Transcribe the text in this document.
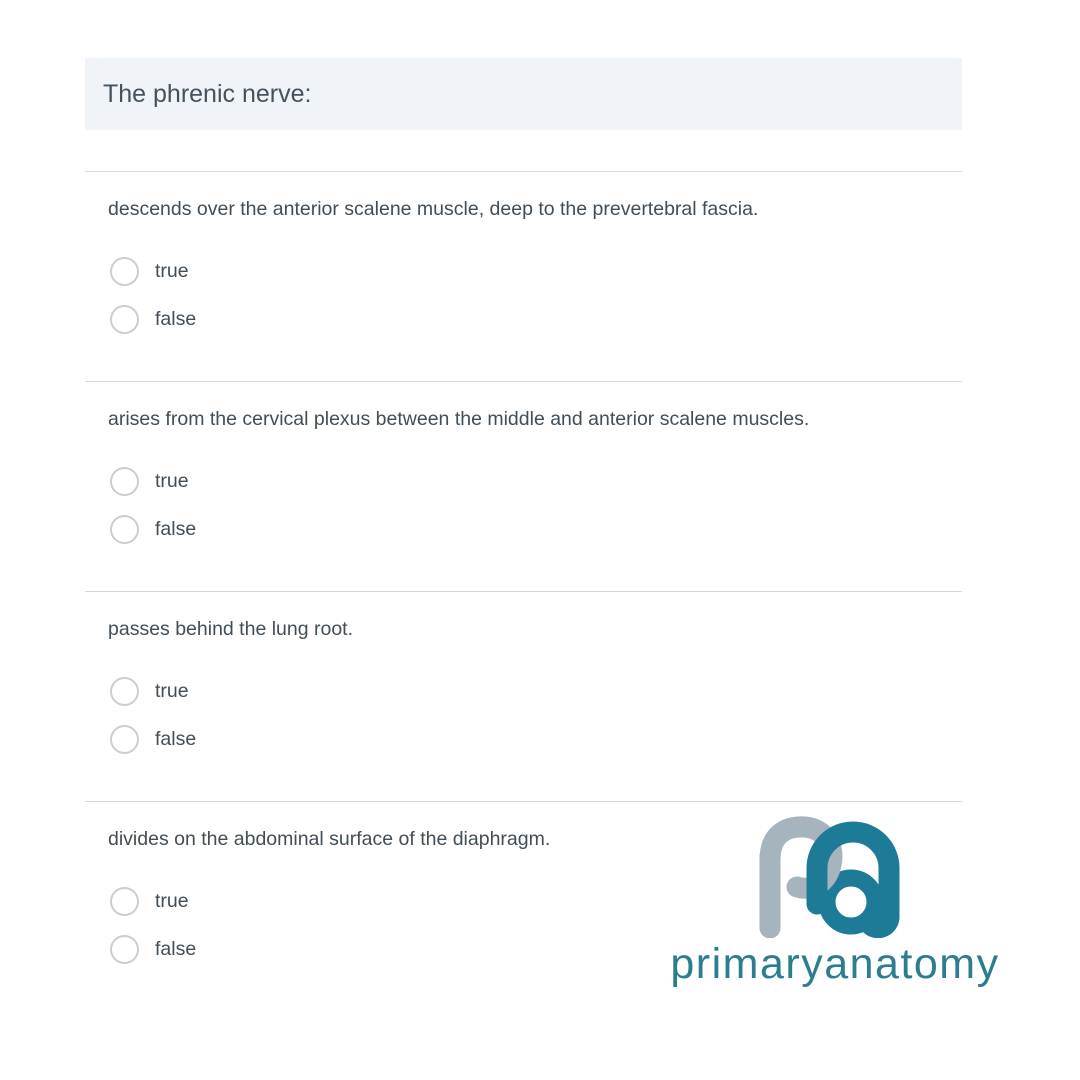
The phrenic nerve:
descends over the anterior scalene muscle, deep to the prevertebral fascia.
true
false
arises from the cervical plexus between the middle and anterior scalene muscles.
true
false
passes behind the lung root.
true
false
divides on the abdominal surface of the diaphragm.
true
false	primaryanatomy
